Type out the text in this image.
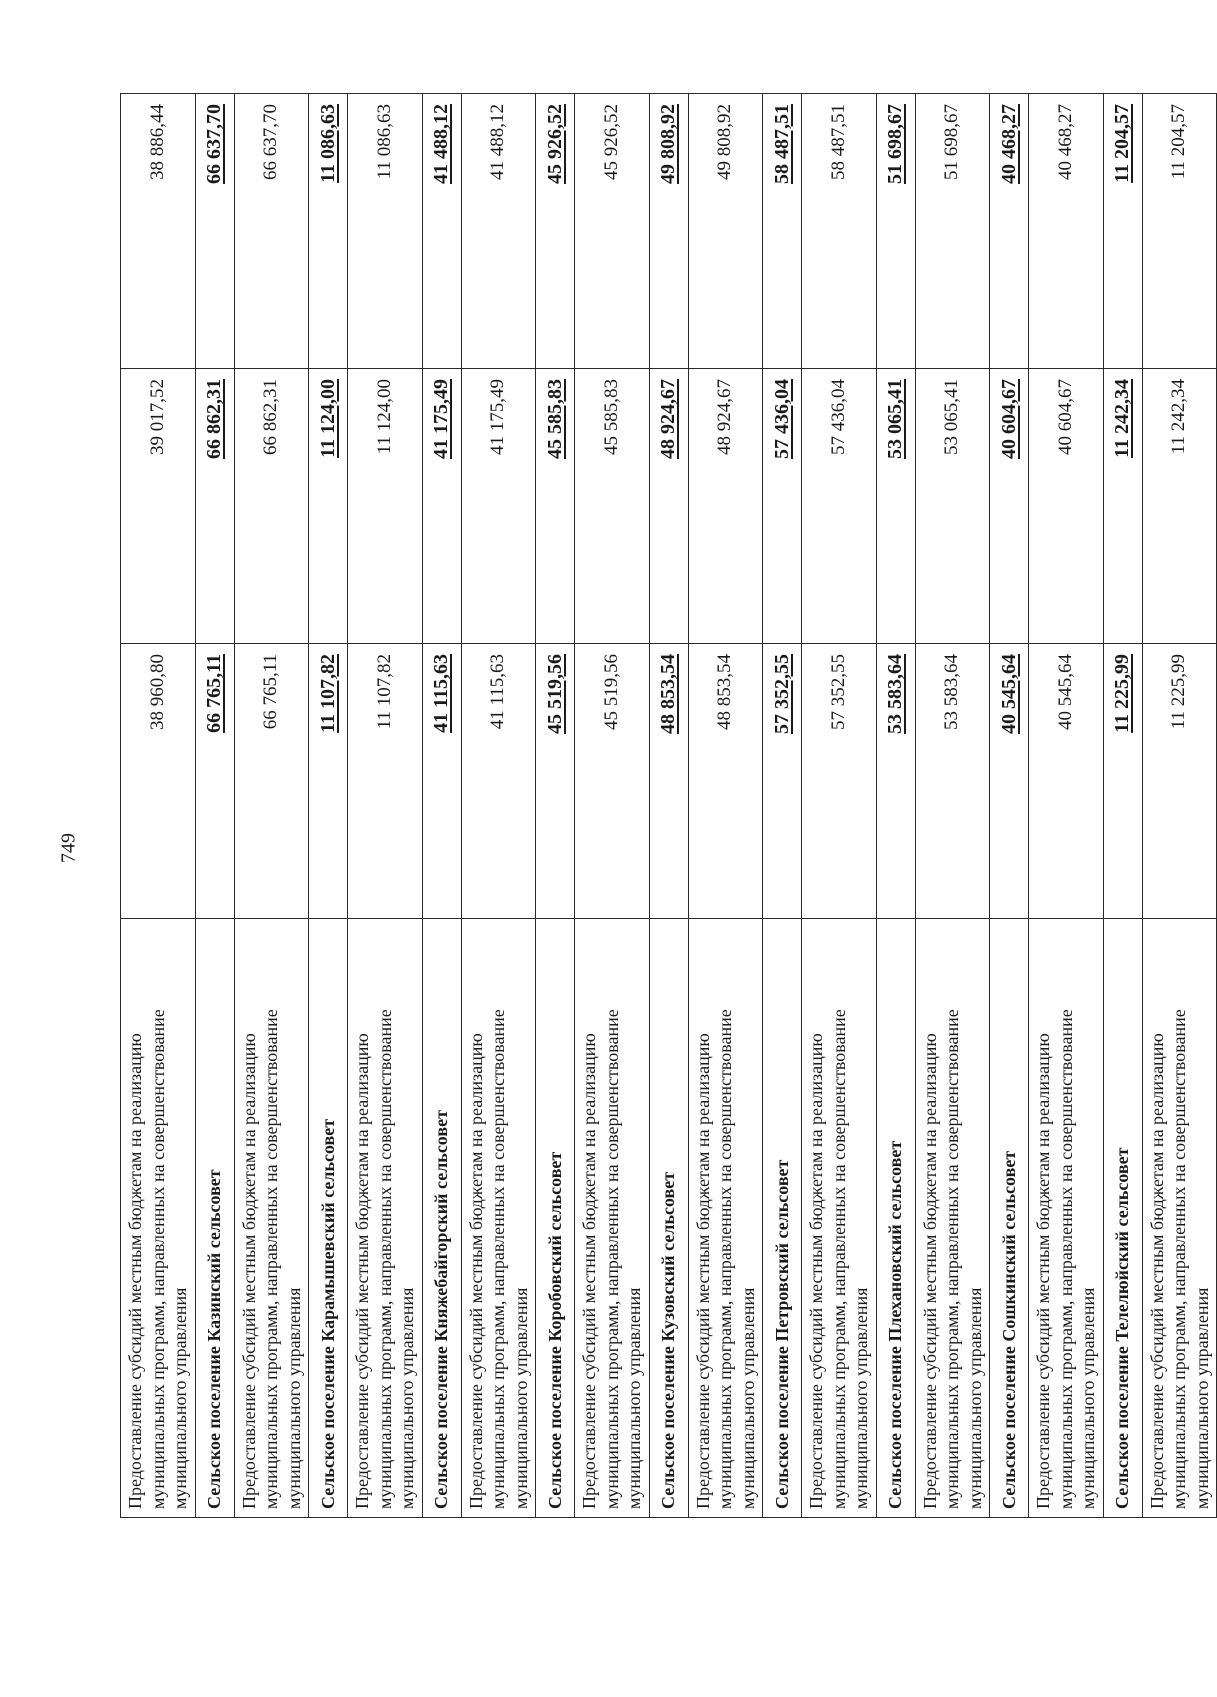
749
Предоставление субсидий местным бюджетам на реализацию муниципальных программ, направленных на совершенствование муниципального управления	38 960,80	39 017,52	38 886,44
Сельское поселение Казинский сельсовет	66 765,11	66 862,31	66 637,70
Предоставление субсидий местным бюджетам на реализацию муниципальных программ, направленных на совершенствование муниципального управления	66 765,11	66 862,31	66 637,70
Сельское поселение Карамышевский сельсовет	11 107,82	11 124,00	11 086,63
Предоставление субсидий местным бюджетам на реализацию муниципальных программ, направленных на совершенствование муниципального управления	11 107,82	11 124,00	11 086,63
Сельское поселение Княжебайгорский сельсовет	41 115,63	41 175,49	41 488,12
Предоставление субсидий местным бюджетам на реализацию муниципальных программ, направленных на совершенствование муниципального управления	41 115,63	41 175,49	41 488,12
Сельское поселение Коробовский сельсовет	45 519,56	45 585,83	45 926,52
Предоставление субсидий местным бюджетам на реализацию муниципальных программ, направленных на совершенствование муниципального управления	45 519,56	45 585,83	45 926,52
Сельское поселение Кузовский сельсовет	48 853,54	48 924,67	49 808,92
Предоставление субсидий местным бюджетам на реализацию муниципальных программ, направленных на совершенствование муниципального управления	48 853,54	48 924,67	49 808,92
Сельское поселение Петровский сельсовет	57 352,55	57 436,04	58 487,51
Предоставление субсидий местным бюджетам на реализацию муниципальных программ, направленных на совершенствование муниципального управления	57 352,55	57 436,04	58 487,51
Сельское поселение Плехановский сельсовет	53 583,64	53 065,41	51 698,67
Предоставление субсидий местным бюджетам на реализацию муниципальных программ, направленных на совершенствование муниципального управления	53 583,64	53 065,41	51 698,67
Сельское поселение Сошкинский сельсовет	40 545,64	40 604,67	40 468,27
Предоставление субсидий местным бюджетам на реализацию муниципальных программ, направленных на совершенствование муниципального управления	40 545,64	40 604,67	40 468,27
Сельское поселение Телелюйский сельсовет	11 225,99	11 242,34	11 204,57
Предоставление субсидий местным бюджетам на реализацию муниципальных программ, направленных на совершенствование муниципального управления	11 225,99	11 242,34	11 204,57
